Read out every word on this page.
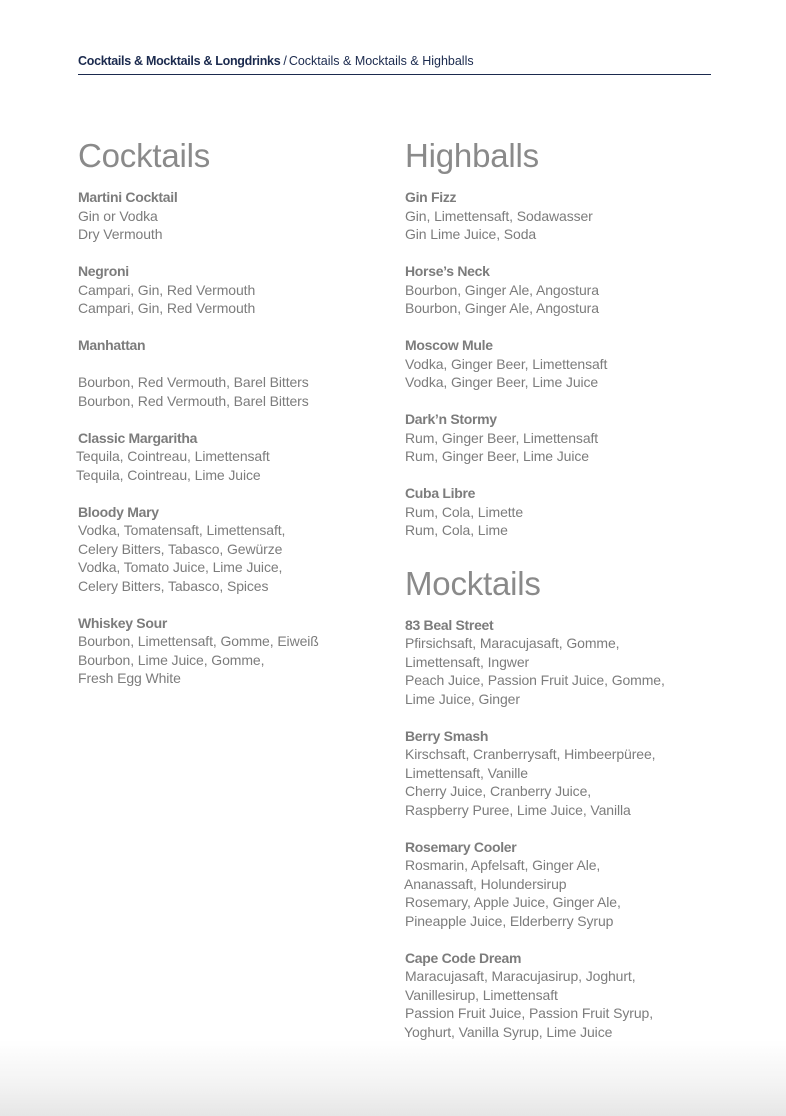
Cocktails & Mocktails & Longdrinks / Cocktails & Mocktails & Highballs
Cocktails
Martini Cocktail
Gin or Vodka
Dry Vermouth
Negroni
Campari, Gin, Red Vermouth
Campari, Gin, Red Vermouth
Manhattan
Bourbon, Red Vermouth, Barel Bitters
Bourbon, Red Vermouth, Barel Bitters
Classic Margaritha
Tequila, Cointreau, Limettensaft
Tequila, Cointreau, Lime Juice
Bloody Mary
Vodka, Tomatensaft, Limettensaft,
Celery Bitters, Tabasco, Gewürze
Vodka, Tomato Juice, Lime Juice,
Celery Bitters, Tabasco, Spices
Whiskey Sour
Bourbon, Limettensaft, Gomme, Eiweiß
Bourbon, Lime Juice, Gomme,
Fresh Egg White
Highballs
Gin Fizz
Gin, Limettensaft, Sodawasser
Gin Lime Juice, Soda
Horse’s Neck
Bourbon, Ginger Ale, Angostura
Bourbon, Ginger Ale, Angostura
Moscow Mule
Vodka, Ginger Beer, Limettensaft
Vodka, Ginger Beer, Lime Juice
Dark’n Stormy
Rum, Ginger Beer, Limettensaft
Rum, Ginger Beer, Lime Juice
Cuba Libre
Rum, Cola, Limette
Rum, Cola, Lime
Mocktails
83 Beal Street
Pfirsichsaft, Maracujasaft, Gomme,
Limettensaft, Ingwer
Peach Juice, Passion Fruit Juice, Gomme,
Lime Juice, Ginger
Berry Smash
Kirschsaft, Cranberrysaft, Himbeerpüree,
Limettensaft, Vanille
Cherry Juice, Cranberry Juice,
Raspberry Puree, Lime Juice, Vanilla
Rosemary Cooler
Rosmarin, Apfelsaft, Ginger Ale,
Ananassaft, Holundersirup
Rosemary, Apple Juice, Ginger Ale,
Pineapple Juice, Elderberry Syrup
Cape Code Dream
Maracujasaft, Maracujasirup, Joghurt,
Vanillesirup, Limettensaft
Passion Fruit Juice, Passion Fruit Syrup,
Yoghurt, Vanilla Syrup, Lime Juice
